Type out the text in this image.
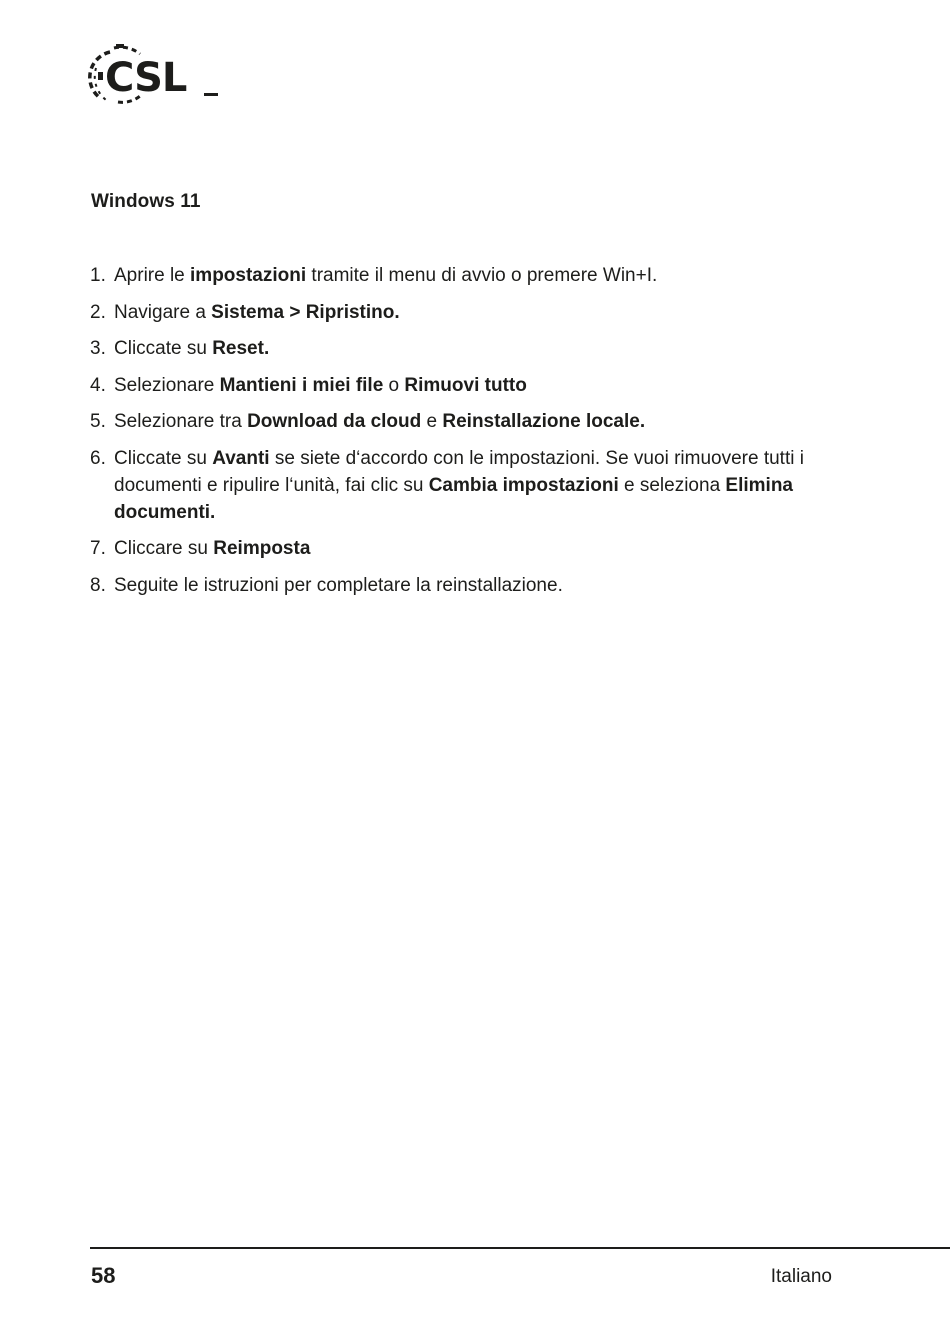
CSL
Windows 11
1. Aprire le impostazioni tramite il menu di avvio o premere Win+I.
2. Navigare a Sistema > Ripristino.
3. Cliccate su Reset.
4. Selezionare Mantieni i miei file o Rimuovi tutto
5. Selezionare tra Download da cloud e Reinstallazione locale.
6. Cliccate su Avanti se siete d‘accordo con le impostazioni. Se vuoi rimuovere tutti i documenti e ripulire l‘unità, fai clic su Cambia impostazioni e seleziona Elimina documenti.
7. Cliccare su Reimposta
8. Seguite le istruzioni per completare la reinstallazione.
58	Italiano
